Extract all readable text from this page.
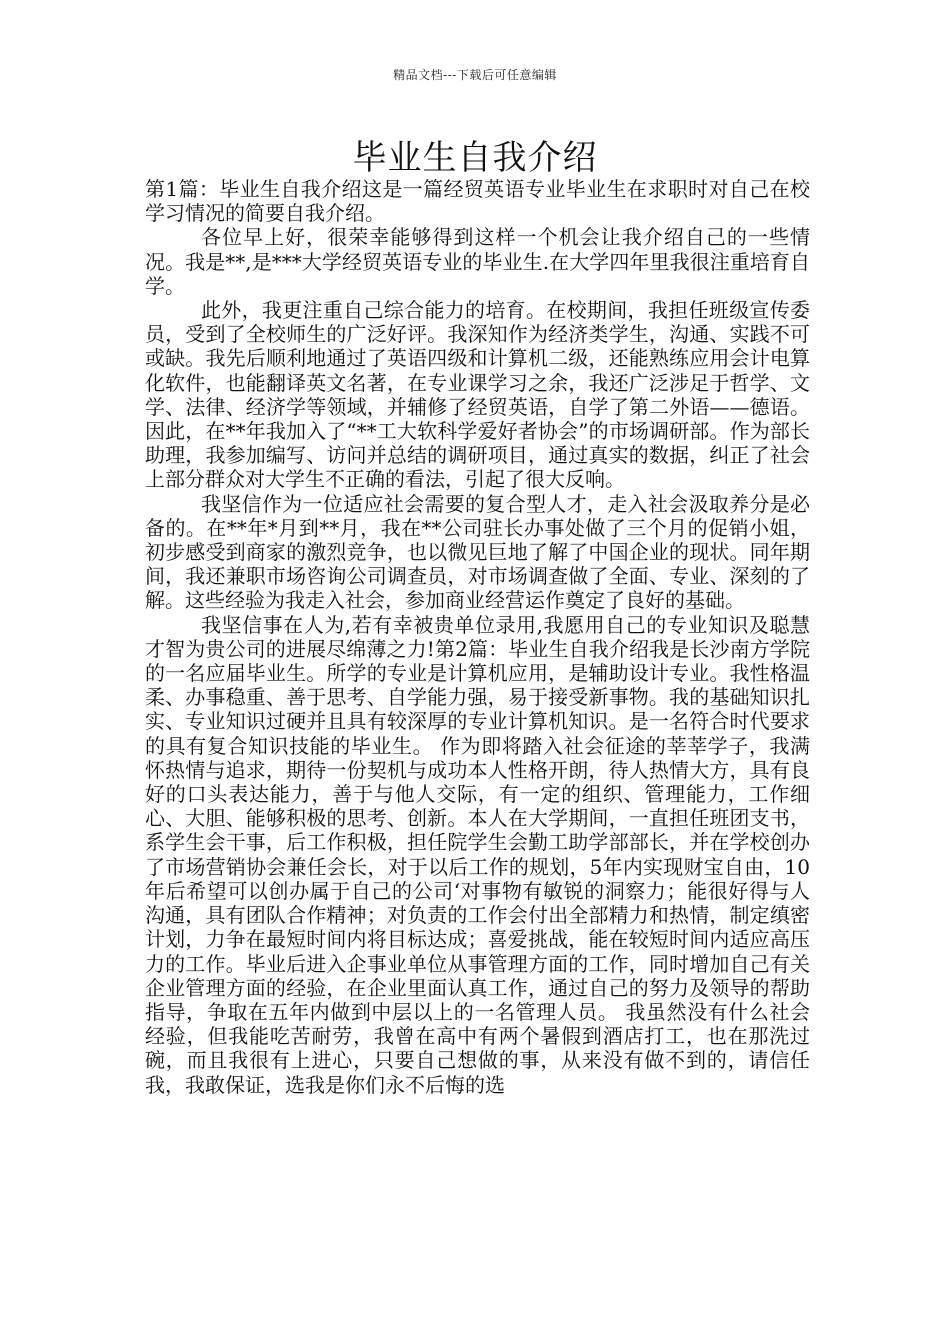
精品文档---下载后可任意编辑
毕业生自我介绍

第1篇：毕业生自我介绍这是一篇经贸英语专业毕业生在求职时对自己在校学习情况的简要自我介绍。

各位早上好，很荣幸能够得到这样一个机会让我介绍自己的一些情况。我是**,是***大学经贸英语专业的毕业生.在大学四年里我很注重培育自学。

此外，我更注重自己综合能力的培育。在校期间，我担任班级宣传委员，受到了全校师生的广泛好评。我深知作为经济类学生，沟通、实践不可或缺。我先后顺利地通过了英语四级和计算机二级，还能熟练应用会计电算化软件，也能翻译英文名著，在专业课学习之余，我还广泛涉足于哲学、文学、法律、经济学等领域，并辅修了经贸英语，自学了第二外语——德语。因此，在**年我加入了“**工大软科学爱好者协会”的市场调研部。作为部长助理，我参加编写、访问并总结的调研项目，通过真实的数据，纠正了社会上部分群众对大学生不正确的看法，引起了很大反响。

我坚信作为一位适应社会需要的复合型人才，走入社会汲取养分是必备的。在**年*月到**月，我在**公司驻长办事处做了三个月的促销小姐，初步感受到商家的激烈竞争，也以微见巨地了解了中国企业的现状。同年期间，我还兼职市场咨询公司调查员，对市场调查做了全面、专业、深刻的了解。这些经验为我走入社会，参加商业经营运作奠定了良好的基础。

我坚信事在人为,若有幸被贵单位录用,我愿用自己的专业知识及聪慧才智为贵公司的进展尽绵薄之力!第2篇：毕业生自我介绍我是长沙南方学院的一名应届毕业生。所学的专业是计算机应用，是辅助设计专业。我性格温柔、办事稳重、善于思考、自学能力强，易于接受新事物。我的基础知识扎实、专业知识过硬并且具有较深厚的专业计算机知识。是一名符合时代要求的具有复合知识技能的毕业生。 作为即将踏入社会征途的莘莘学子，我满怀热情与追求，期待一份契机与成功本人性格开朗，待人热情大方，具有良好的口头表达能力，善于与他人交际，有一定的组织、管理能力，工作细心、大胆、能够积极的思考、创新。本人在大学期间，一直担任班团支书，系学生会干事，后工作积极，担任院学生会勤工助学部部长，并在学校创办了市场营销协会兼任会长，对于以后工作的规划，5年内实现财宝自由，10年后希望可以创办属于自己的公司‘对事物有敏锐的洞察力；能很好得与人沟通，具有团队合作精神；对负责的工作会付出全部精力和热情，制定缜密计划，力争在最短时间内将目标达成；喜爱挑战，能在较短时间内适应高压力的工作。毕业后进入企事业单位从事管理方面的工作，同时增加自己有关企业管理方面的经验，在企业里面认真工作，通过自己的努力及领导的帮助指导，争取在五年内做到中层以上的一名管理人员。 我虽然没有什么社会经验，但我能吃苦耐劳，我曾在高中有两个暑假到酒店打工，也在那洗过碗，而且我很有上进心，只要自己想做的事，从来没有做不到的，请信任我，我敢保证，选我是你们永不后悔的选
